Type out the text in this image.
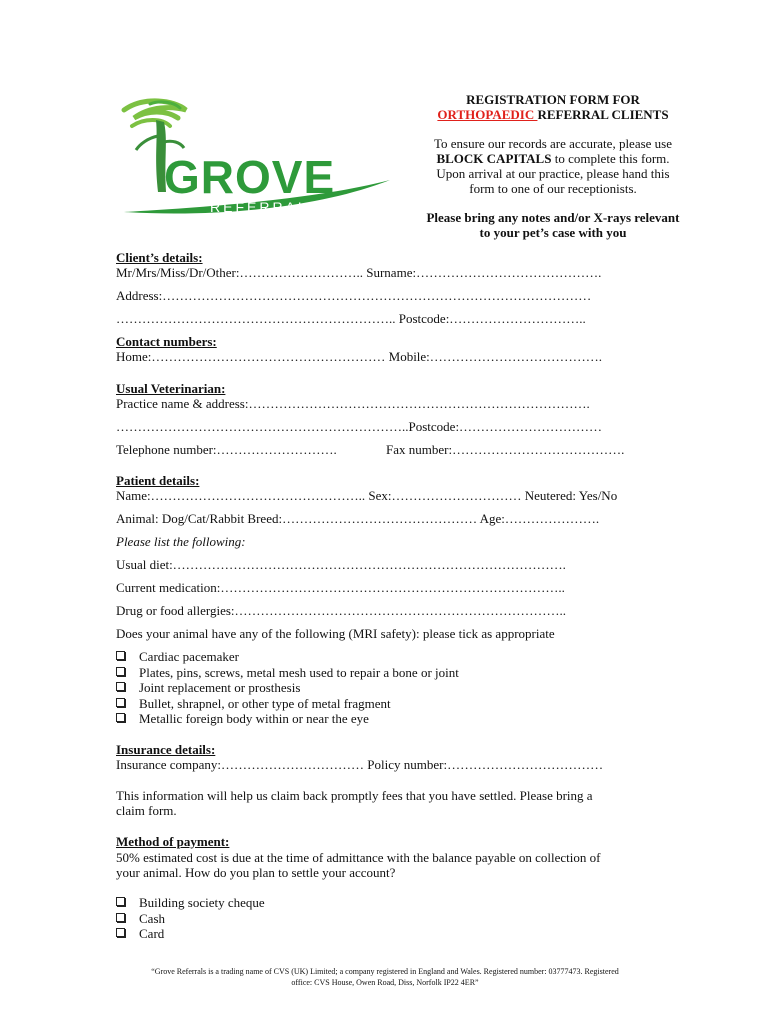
GROVE
REFERRALS
REGISTRATION FORM FOR
ORTHOPAEDIC REFERRAL CLIENTS
To ensure our records are accurate, please use
BLOCK CAPITALS to complete this form.
Upon arrival at our practice, please hand this
form to one of our receptionists.
Please bring any notes and/or X-rays relevant
to your pet’s case with you
Client’s details:
Mr/Mrs/Miss/Dr/Other:……………………….. Surname:…………………………………….
Address:………………………………………………………………………………………
……………………………………………………….. Postcode:…………………………..
Contact numbers:
Home:……………………………………………… Mobile:………………………………….
Usual Veterinarian:
Practice name & address:…………………………………………………………………….
…………………………………………………………..Postcode:……………………………
Telephone number:……………………….	Fax number:………………………………….
Patient details:
Name:………………………………………….. Sex:………………………… Neutered: Yes/No
Animal: Dog/Cat/Rabbit Breed:……………………………………… Age:………………….
Please list the following:
Usual diet:……………………………………………………………………………….
Current medication:……………………………………………………………………..
Drug or food allergies:…………………………………………………………………..
Does your animal have any of the following (MRI safety): please tick as appropriate
Cardiac pacemaker
Plates, pins, screws, metal mesh used to repair a bone or joint
Joint replacement or prosthesis
Bullet, shrapnel, or other type of metal fragment
Metallic foreign body within or near the eye
Insurance details:
Insurance company:…………………………… Policy number:………………………………
This information will help us claim back promptly fees that you have settled. Please bring a
claim form.
Method of payment:
50% estimated cost is due at the time of admittance with the balance payable on collection of
your animal. How do you plan to settle your account?
Building society cheque
Cash
Card
“Grove Referrals is a trading name of CVS (UK) Limited; a company registered in England and Wales. Registered number: 03777473. Registered
office: CVS House, Owen Road, Diss, Norfolk IP22 4ER”
